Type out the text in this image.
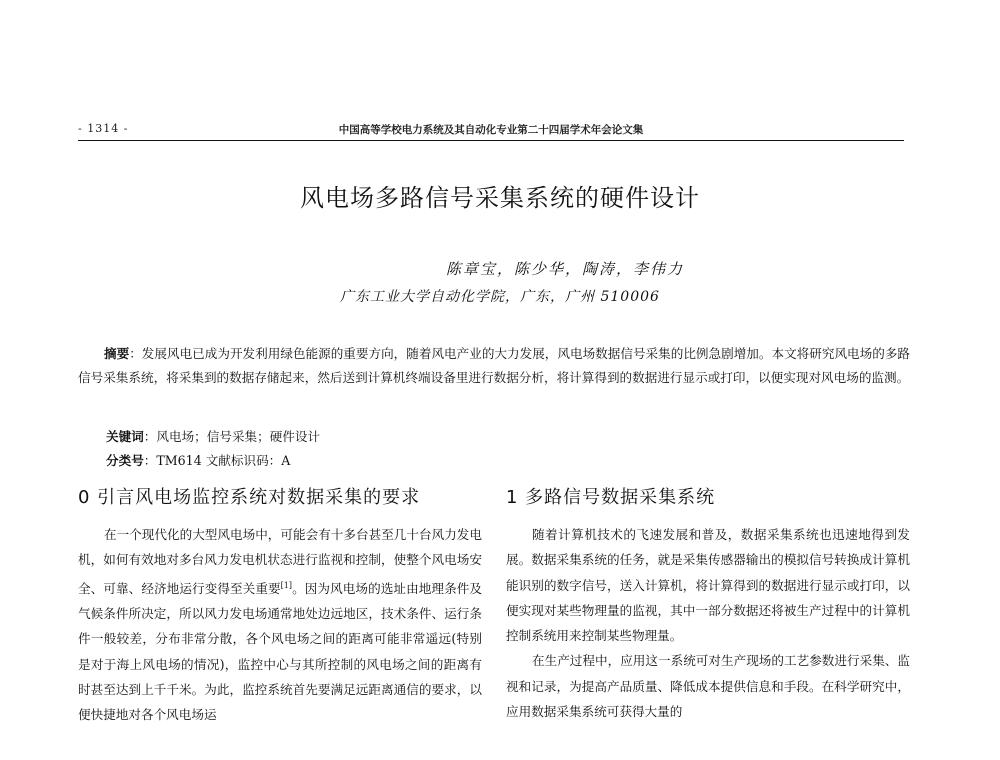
- 1314 -	中国高等学校电力系统及其自动化专业第二十四届学术年会论文集
风电场多路信号采集系统的硬件设计
陈章宝，陈少华，陶涛，李伟力
广东工业大学自动化学院，广东，广州 510006
摘要：发展风电已成为开发利用绿色能源的重要方向，随着风电产业的大力发展，风电场数据信号采集的比例急剧增加。本文将研究风电场的多路信号采集系统，将采集到的数据存储起来，然后送到计算机终端设备里进行数据分析，将计算得到的数据进行显示或打印，以便实现对风电场的监测。
关键词：风电场；信号采集；硬件设计
分类号：TM614 文献标识码：A
0 引言风电场监控系统对数据采集的要求	1 多路信号数据采集系统

在一个现代化的大型风电场中，可能会有十多台甚至几十台风力发电机，如何有效地对多台风力发电机状态进行监视和控制，使整个风电场安全、可靠、经济地运行变得至关重要[1]。因为风电场的选址由地理条件及气候条件所决定，所以风力发电场通常地处边远地区，技术条件、运行条件一般较差，分布非常分散，各个风电场之间的距离可能非常遥远(特别是对于海上风电场的情况)，监控中心与其所控制的风电场之间的距离有时甚至达到上千千米。为此，监控系统首先要满足远距离通信的要求，以便快捷地对各个风电场运

随着计算机技术的飞速发展和普及，数据采集系统也迅速地得到发展。数据采集系统的任务，就是采集传感器输出的模拟信号转换成计算机能识别的数字信号，送入计算机，将计算得到的数据进行显示或打印，以便实现对某些物理量的监视，其中一部分数据还将被生产过程中的计算机控制系统用来控制某些物理量。

在生产过程中，应用这一系统可对生产现场的工艺参数进行采集、监视和记录，为提高产品质量、降低成本提供信息和手段。在科学研究中，应用数据采集系统可获得大量的
